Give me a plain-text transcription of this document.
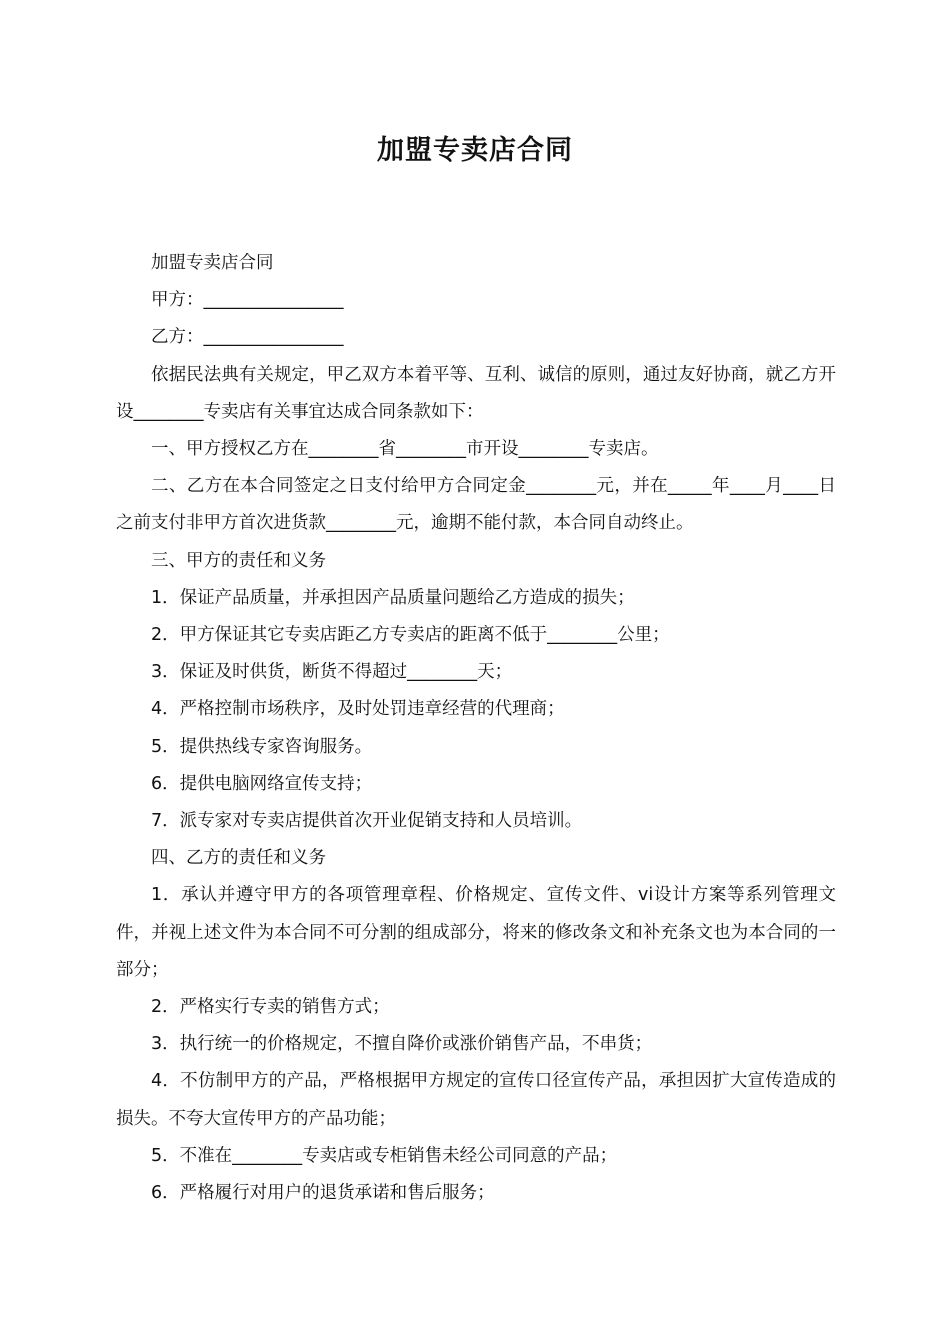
加盟专卖店合同

加盟专卖店合同

甲方：________________

乙方：________________

依据民法典有关规定，甲乙双方本着平等、互利、诚信的原则，通过友好协商，就乙方开设________专卖店有关事宜达成合同条款如下：

一、甲方授权乙方在________省________市开设________专卖店。

二、乙方在本合同签定之日支付给甲方合同定金________元，并在_____年____月____日之前支付非甲方首次进货款________元，逾期不能付款，本合同自动终止。

三、甲方的责任和义务

1．保证产品质量，并承担因产品质量问题给乙方造成的损失；

2．甲方保证其它专卖店距乙方专卖店的距离不低于________公里；

3．保证及时供货，断货不得超过________天；

4．严格控制市场秩序，及时处罚违章经营的代理商；

5．提供热线专家咨询服务。

6．提供电脑网络宣传支持；

7．派专家对专卖店提供首次开业促销支持和人员培训。

四、乙方的责任和义务

1．承认并遵守甲方的各项管理章程、价格规定、宣传文件、vi设计方案等系列管理文件，并视上述文件为本合同不可分割的组成部分，将来的修改条文和补充条文也为本合同的一部分；

2．严格实行专卖的销售方式；

3．执行统一的价格规定，不擅自降价或涨价销售产品，不串货；

4．不仿制甲方的产品，严格根据甲方规定的宣传口径宣传产品，承担因扩大宣传造成的损失。不夸大宣传甲方的产品功能；

5．不准在________专卖店或专柜销售未经公司同意的产品；

6．严格履行对用户的退货承诺和售后服务；
